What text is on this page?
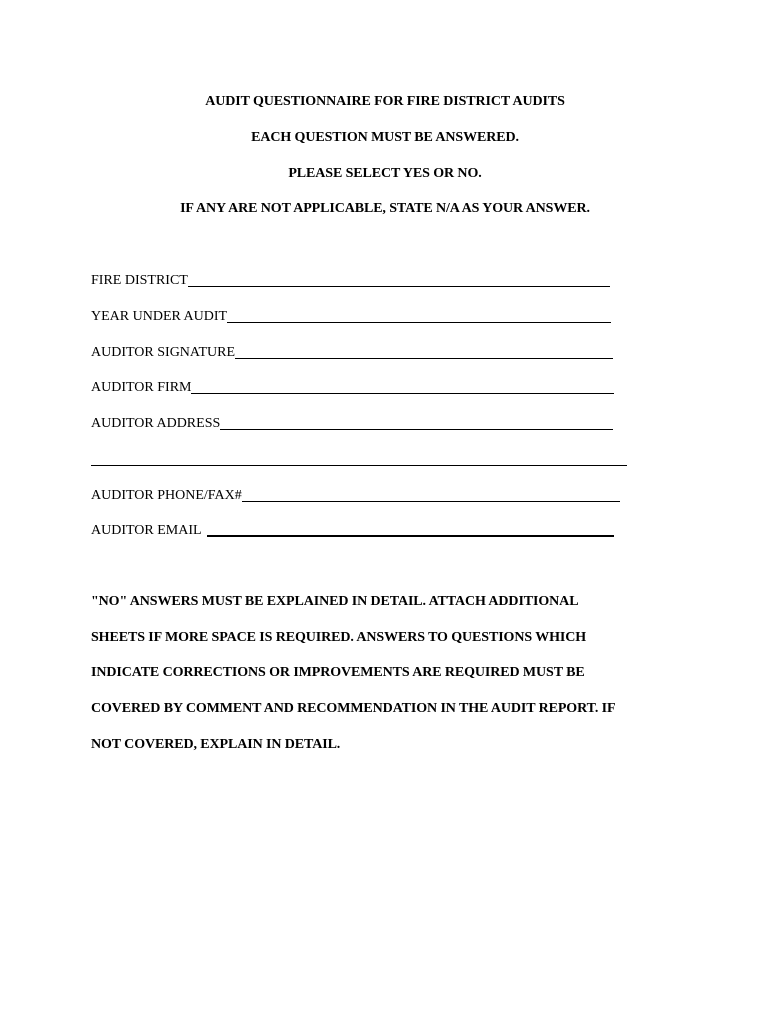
AUDIT QUESTIONNAIRE FOR FIRE DISTRICT AUDITS
EACH QUESTION MUST BE ANSWERED.
PLEASE SELECT YES OR NO.
IF ANY ARE NOT APPLICABLE, STATE N/A AS YOUR ANSWER.
FIRE DISTRICT
YEAR UNDER AUDIT
AUDITOR SIGNATURE
AUDITOR FIRM
AUDITOR ADDRESS
AUDITOR PHONE/FAX#
AUDITOR EMAIL
"NO" ANSWERS MUST BE EXPLAINED IN DETAIL. ATTACH ADDITIONAL
SHEETS IF MORE SPACE IS REQUIRED. ANSWERS TO QUESTIONS WHICH
INDICATE CORRECTIONS OR IMPROVEMENTS ARE REQUIRED MUST BE
COVERED BY COMMENT AND RECOMMENDATION IN THE AUDIT REPORT. IF
NOT COVERED, EXPLAIN IN DETAIL.
